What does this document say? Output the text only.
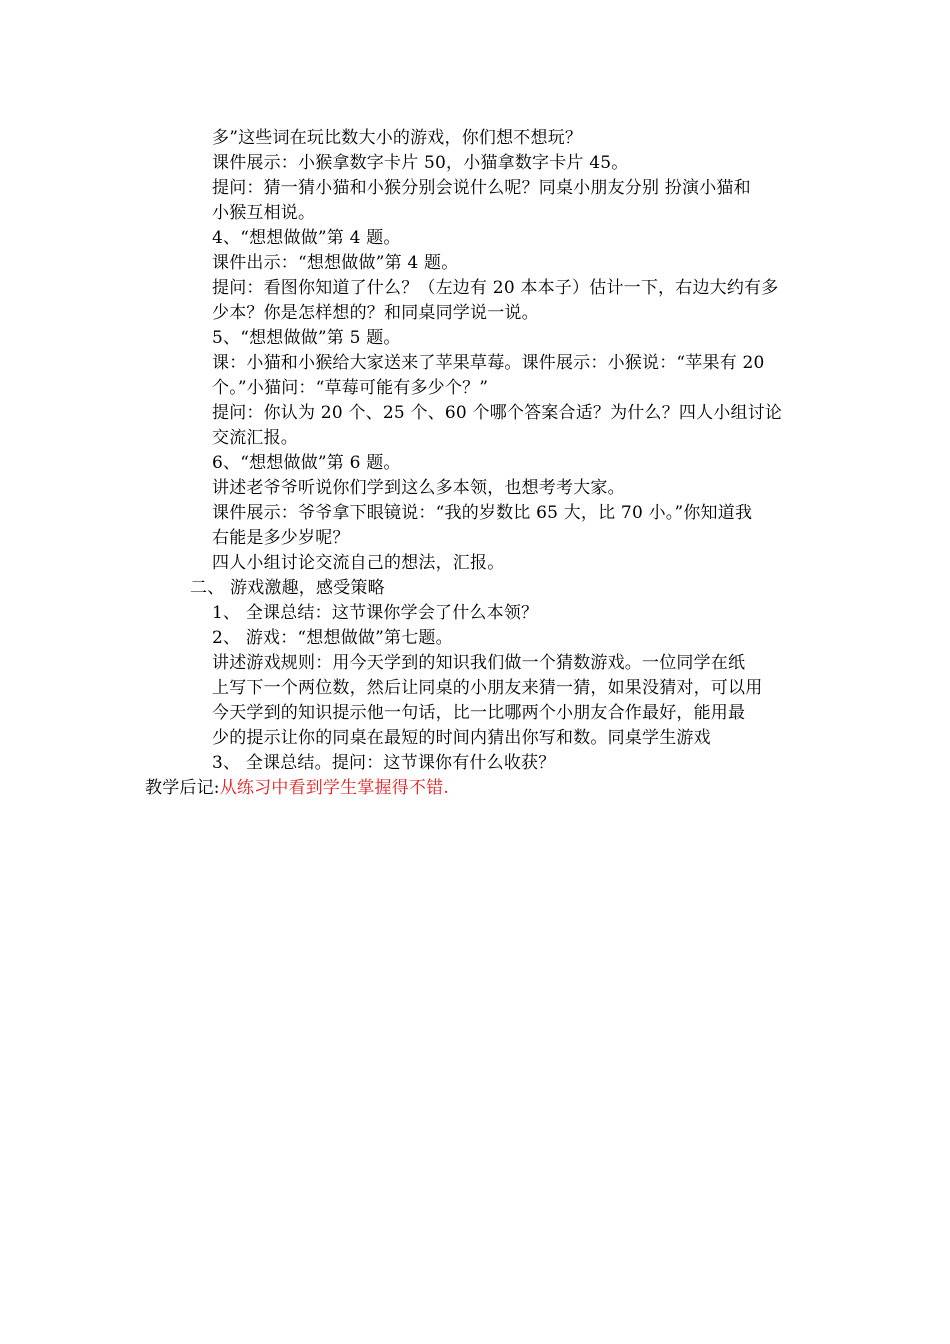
多”这些词在玩比数大小的游戏，你们想不想玩？
课件展示：小猴拿数字卡片 50，小猫拿数字卡片 45。
提问：猜一猜小猫和小猴分别会说什么呢？同桌小朋友分别 扮演小猫和
小猴互相说。
4、“想想做做”第 4 题。
课件出示：“想想做做”第 4 题。
提问：看图你知道了什么？（左边有 20 本本子）估计一下，右边大约有多
少本？你是怎样想的？和同桌同学说一说。
5、“想想做做”第 5 题。
课：小猫和小猴给大家送来了苹果草莓。课件展示：小猴说：“苹果有 20
个。”小猫问：“草莓可能有多少个？”
提问：你认为 20 个、25 个、60 个哪个答案合适？为什么？四人小组讨论
交流汇报。
6、“想想做做”第 6 题。
讲述老爷爷听说你们学到这么多本领，也想考考大家。
课件展示：爷爷拿下眼镜说：“我的岁数比 65 大，比 70 小。”你知道我
右能是多少岁呢？
四人小组讨论交流自己的想法，汇报。
二、 游戏激趣，感受策略
1、 全课总结：这节课你学会了什么本领？
2、 游戏：“想想做做”第七题。
讲述游戏规则：用今天学到的知识我们做一个猜数游戏。一位同学在纸
上写下一个两位数，然后让同桌的小朋友来猜一猜，如果没猜对，可以用
今天学到的知识提示他一句话，比一比哪两个小朋友合作最好，能用最
少的提示让你的同桌在最短的时间内猜出你写和数。同桌学生游戏
3、 全课总结。提问：这节课你有什么收获？
教学后记:从练习中看到学生掌握得不错.
